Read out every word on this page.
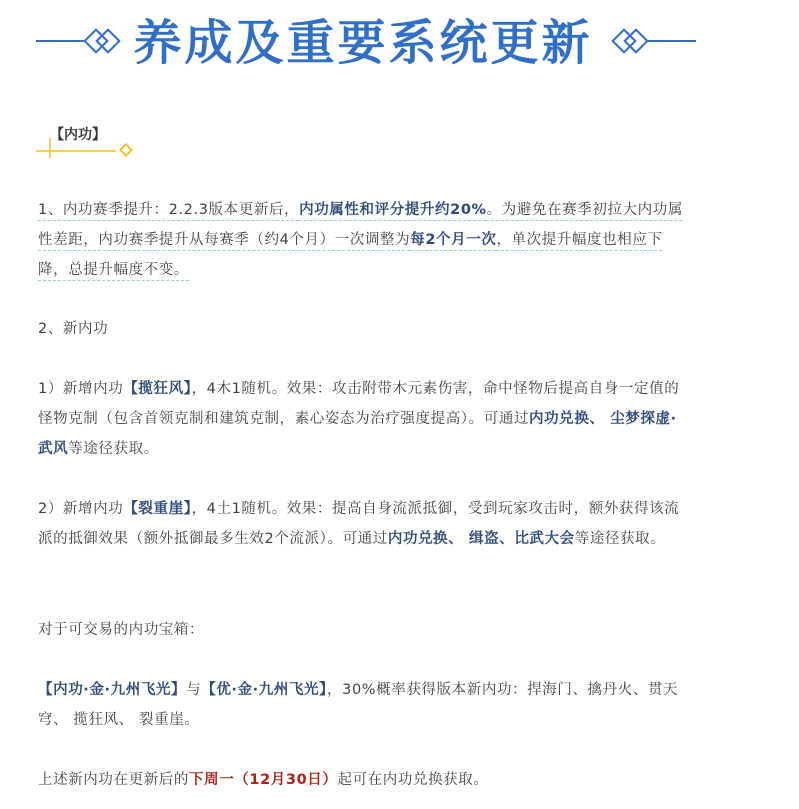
养成及重要系统更新
【内功】

1、内功赛季提升：2.2.3版本更新后，内功属性和评分提升约20%。为避免在赛季初拉大内功属性差距，内功赛季提升从每赛季（约4个月）一次调整为每2个月一次，单次提升幅度也相应下降，总提升幅度不变。

2、新内功

1）新增内功【揽狂风】，4木1随机。效果：攻击附带木元素伤害，命中怪物后提高自身一定值的怪物克制（包含首领克制和建筑克制，素心姿态为治疗强度提高）。可通过内功兑换、 尘梦探虚·武风等途径获取。

2）新增内功【裂重崖】，4土1随机。效果：提高自身流派抵御，受到玩家攻击时，额外获得该流派的抵御效果（额外抵御最多生效2个流派）。可通过内功兑换、 缉盗、比武大会等途径获取。

对于可交易的内功宝箱：

【内功·金·九州飞光】与【优·金·九州飞光】，30%概率获得版本新内功：捍海门、擒丹火、贯天穹、 揽狂风、 裂重崖。

上述新内功在更新后的下周一（12月30日）起可在内功兑换获取。
